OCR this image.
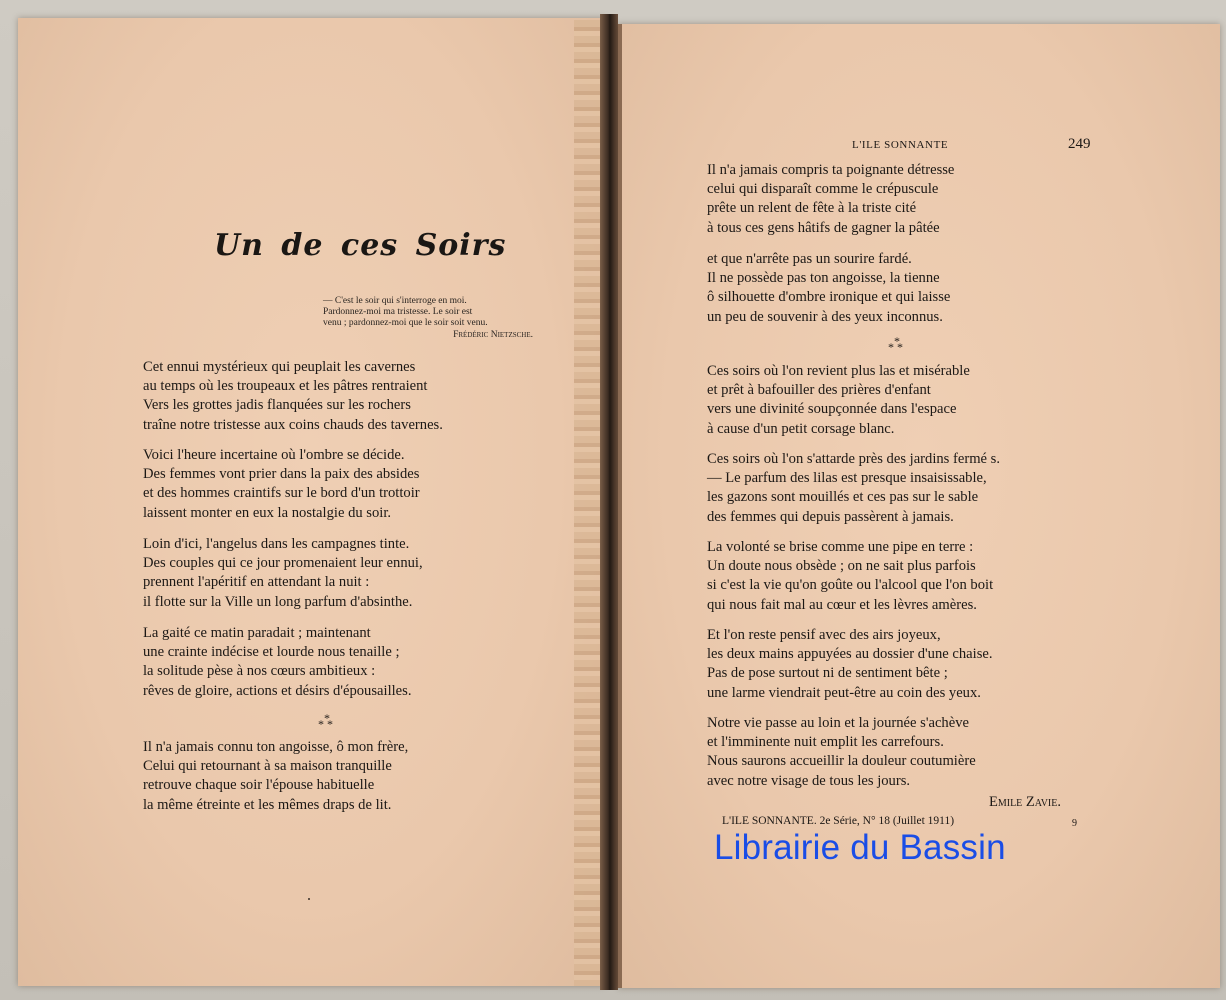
Un de ces Soirs
— C'est le soir qui s'interroge en moi.
Pardonnez-moi ma tristesse. Le soir est
venu ; pardonnez-moi que le soir soit venu.
Frédéric Nietzsche.
Cet ennui mystérieux qui peuplait les cavernes
au temps où les troupeaux et les pâtres rentraient
Vers les grottes jadis flanquées sur les rochers
traîne notre tristesse aux coins chauds des tavernes.
Voici l'heure incertaine où l'ombre se décide.
Des femmes vont prier dans la paix des absides
et des hommes craintifs sur le bord d'un trottoir
laissent monter en eux la nostalgie du soir.
Loin d'ici, l'angelus dans les campagnes tinte.
Des couples qui ce jour promenaient leur ennui,
prennent l'apéritif en attendant la nuit :
il flotte sur la Ville un long parfum d'absinthe.
La gaité ce matin paradait ; maintenant
une crainte indécise et lourde nous tenaille ;
la solitude pèse à nos cœurs ambitieux :
rêves de gloire, actions et désirs d'épousailles.
*
**
Il n'a jamais connu ton angoisse, ô mon frère,
Celui qui retournant à sa maison tranquille
retrouve chaque soir l'épouse habituelle
la même étreinte et les mêmes draps de lit.
L'ILE SONNANTE	249
Il n'a jamais compris ta poignante détresse
celui qui disparaît comme le crépuscule
prête un relent de fête à la triste cité
à tous ces gens hâtifs de gagner la pâtée
et que n'arrête pas un sourire fardé.
Il ne possède pas ton angoisse, la tienne
ô silhouette d'ombre ironique et qui laisse
un peu de souvenir à des yeux inconnus.
*
**
Ces soirs où l'on revient plus las et misérable
et prêt à bafouiller des prières d'enfant
vers une divinité soupçonnée dans l'espace
à cause d'un petit corsage blanc.
Ces soirs où l'on s'attarde près des jardins fermé s.
— Le parfum des lilas est presque insaisissable,
les gazons sont mouillés et ces pas sur le sable
des femmes qui depuis passèrent à jamais.
La volonté se brise comme une pipe en terre :
Un doute nous obsède ; on ne sait plus parfois
si c'est la vie qu'on goûte ou l'alcool que l'on boit
qui nous fait mal au cœur et les lèvres amères.
Et l'on reste pensif avec des airs joyeux,
les deux mains appuyées au dossier d'une chaise.
Pas de pose surtout ni de sentiment bête ;
une larme viendrait peut-être au coin des yeux.
Notre vie passe au loin et la journée s'achève
et l'imminente nuit emplit les carrefours.
Nous saurons accueillir la douleur coutumière
avec notre visage de tous les jours.
Emile Zavie.
L'ILE SONNANTE. 2e Série, N° 18 (Juillet 1911)	9
Librairie du Bassin
